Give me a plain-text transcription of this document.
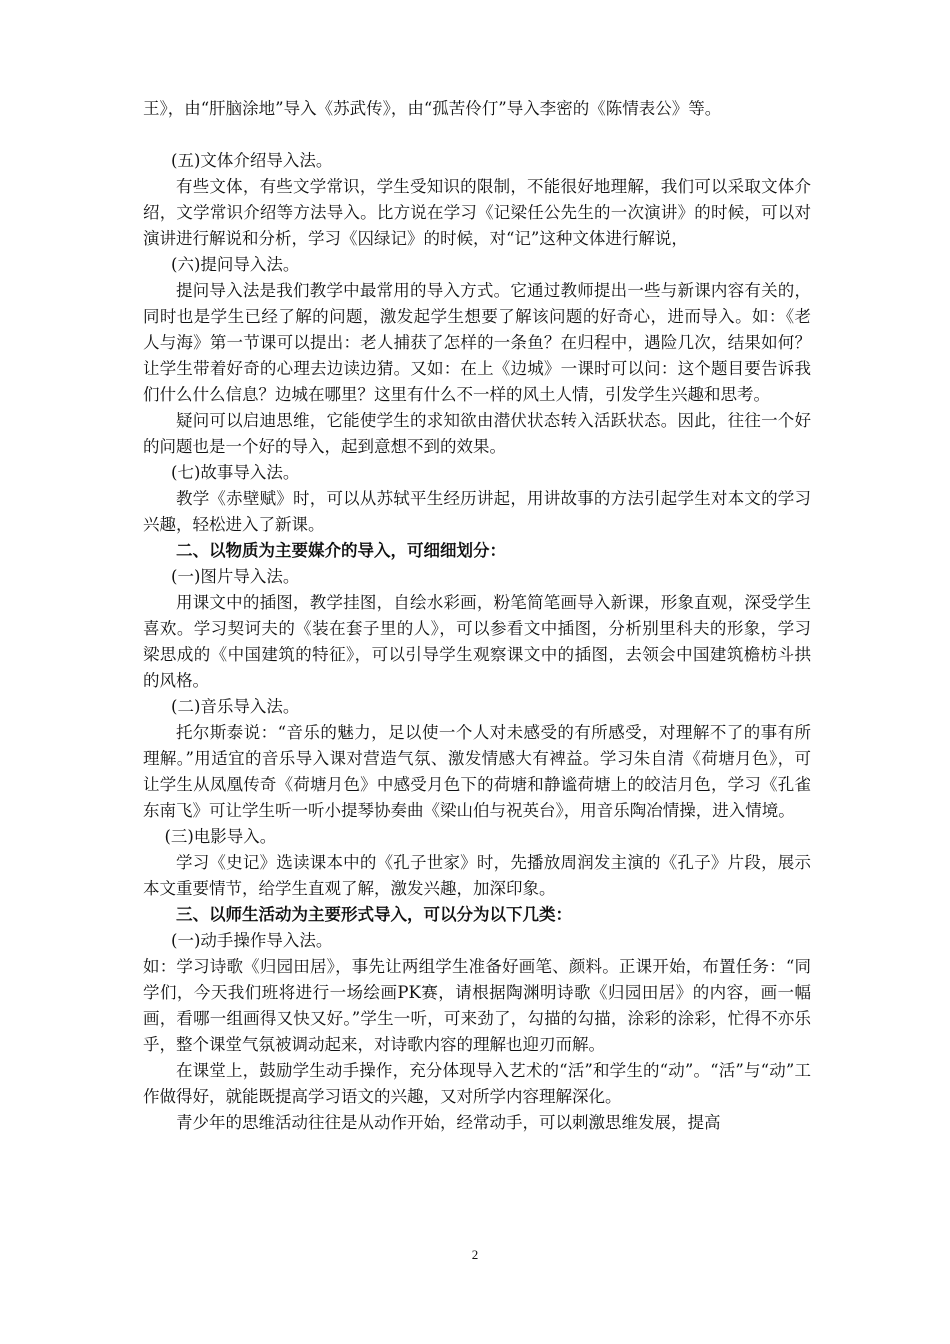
王》，由“肝脑涂地”导入《苏武传》，由“孤苦伶仃”导入李密的《陈情表公》等。

(五)文体介绍导入法。

有些文体，有些文学常识，学生受知识的限制，不能很好地理解，我们可以采取文体介绍，文学常识介绍等方法导入。比方说在学习《记梁任公先生的一次演讲》的时候，可以对演讲进行解说和分析，学习《囚绿记》的时候，对“记”这种文体进行解说，

(六)提问导入法。

提问导入法是我们教学中最常用的导入方式。它通过教师提出一些与新课内容有关的，同时也是学生已经了解的问题，激发起学生想要了解该问题的好奇心，进而导入。如：《老人与海》第一节课可以提出：老人捕获了怎样的一条鱼？在归程中，遇险几次，结果如何？让学生带着好奇的心理去边读边猜。又如：在上《边城》一课时可以问：这个题目要告诉我们什么什么信息？边城在哪里？这里有什么不一样的风土人情，引发学生兴趣和思考。

疑问可以启迪思维，它能使学生的求知欲由潜伏状态转入活跃状态。因此，往往一个好的问题也是一个好的导入，起到意想不到的效果。

(七)故事导入法。

教学《赤壁赋》时，可以从苏轼平生经历讲起，用讲故事的方法引起学生对本文的学习兴趣，轻松进入了新课。

二、以物质为主要媒介的导入，可细细划分：

(一)图片导入法。

用课文中的插图，教学挂图，自绘水彩画，粉笔简笔画导入新课，形象直观，深受学生喜欢。学习契诃夫的《装在套子里的人》，可以参看文中插图，分析别里科夫的形象，学习梁思成的《中国建筑的特征》，可以引导学生观察课文中的插图，去领会中国建筑檐枋斗拱的风格。

(二)音乐导入法。

托尔斯泰说：“音乐的魅力，足以使一个人对未感受的有所感受，对理解不了的事有所理解。”用适宜的音乐导入课对营造气氛、激发情感大有裨益。学习朱自清《荷塘月色》，可让学生从凤凰传奇《荷塘月色》中感受月色下的荷塘和静谧荷塘上的皎洁月色，学习《孔雀东南飞》可让学生听一听小提琴协奏曲《梁山伯与祝英台》，用音乐陶冶情操，进入情境。

(三)电影导入。

学习《史记》选读课本中的《孔子世家》时，先播放周润发主演的《孔子》片段，展示本文重要情节，给学生直观了解，激发兴趣，加深印象。

三、以师生活动为主要形式导入，可以分为以下几类：

(一)动手操作导入法。

如：学习诗歌《归园田居》，事先让两组学生准备好画笔、颜料。正课开始，布置任务：“同学们，今天我们班将进行一场绘画PK赛，请根据陶渊明诗歌《归园田居》的内容，画一幅画，看哪一组画得又快又好。”学生一听，可来劲了，勾描的勾描，涂彩的涂彩，忙得不亦乐乎，整个课堂气氛被调动起来，对诗歌内容的理解也迎刃而解。

在课堂上，鼓励学生动手操作，充分体现导入艺术的“活”和学生的“动”。“活”与“动”工作做得好，就能既提高学习语文的兴趣，又对所学内容理解深化。

青少年的思维活动往往是从动作开始，经常动手，可以刺激思维发展，提高

2
